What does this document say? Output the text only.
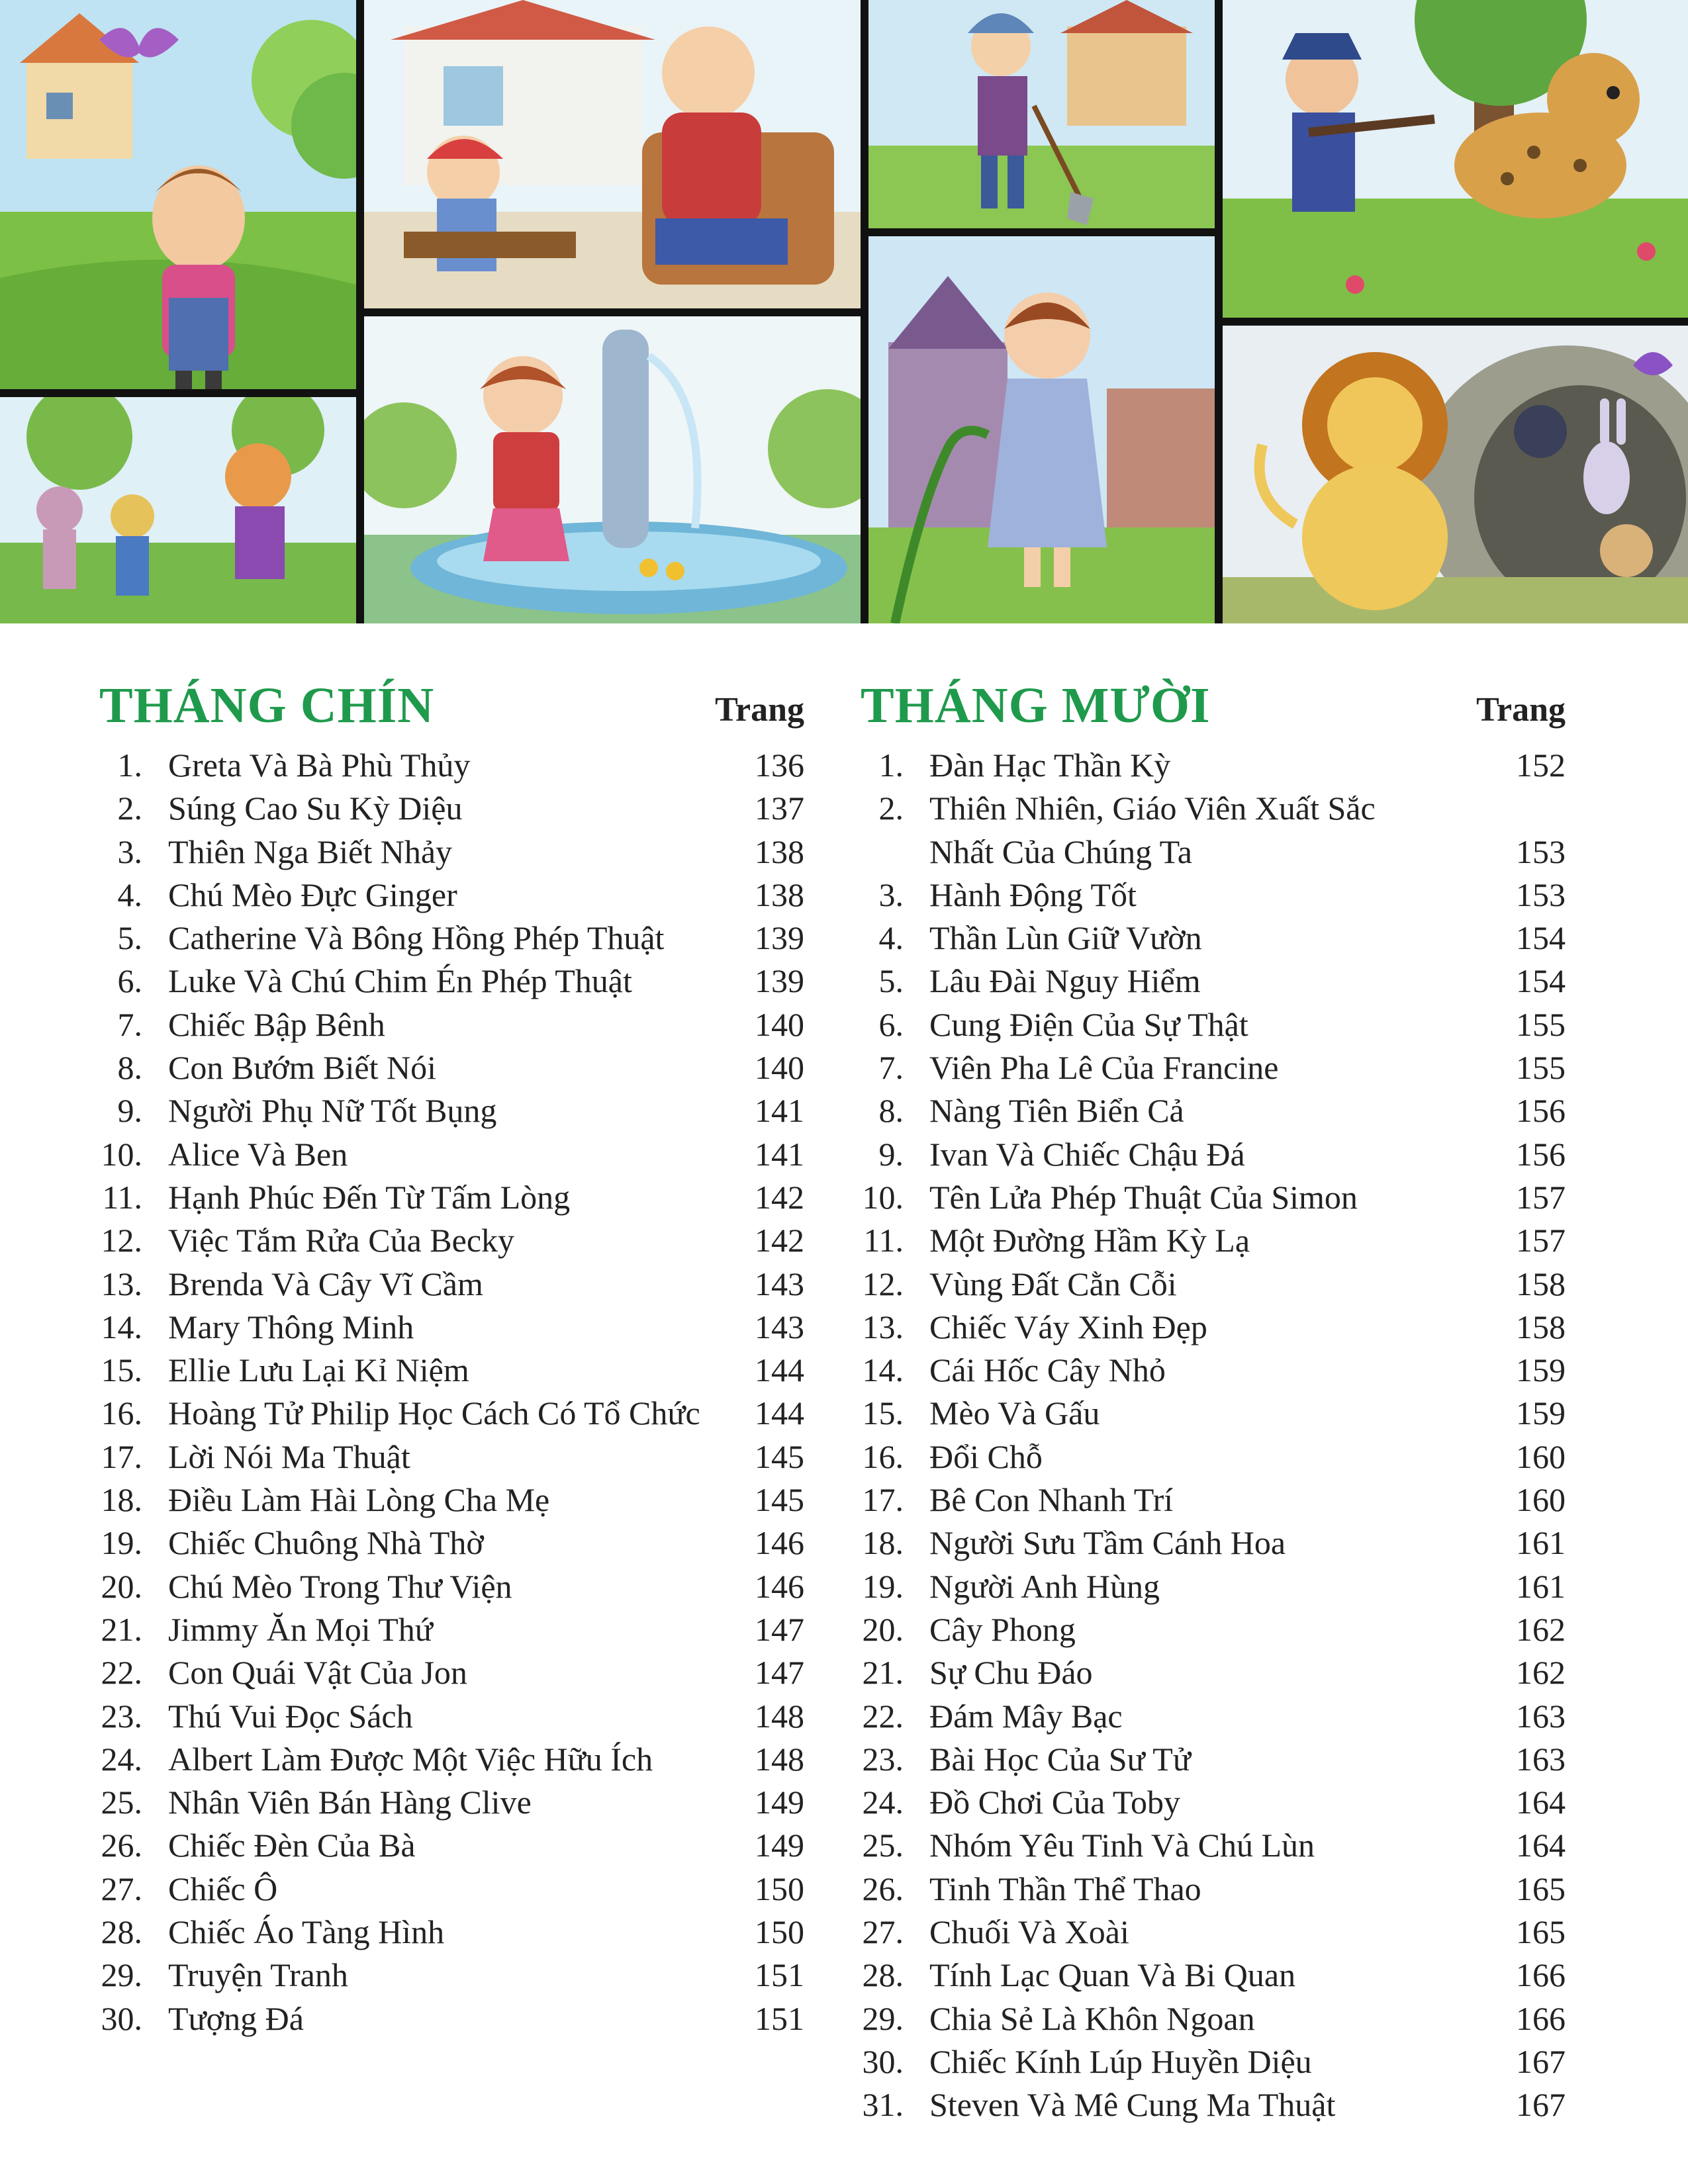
THÁNG CHÍN	Trang
1. Greta Và Bà Phù Thủy	136
2. Súng Cao Su Kỳ Diệu	137
3. Thiên Nga Biết Nhảy	138
4. Chú Mèo Đực Ginger	138
5. Catherine Và Bông Hồng Phép Thuật	139
6. Luke Và Chú Chim Én Phép Thuật	139
7. Chiếc Bập Bênh	140
8. Con Bướm Biết Nói	140
9. Người Phụ Nữ Tốt Bụng	141
10. Alice Và Ben	141
11. Hạnh Phúc Đến Từ Tấm Lòng	142
12. Việc Tắm Rửa Của Becky	142
13. Brenda Và Cây Vĩ Cầm	143
14. Mary Thông Minh	143
15. Ellie Lưu Lại Kỉ Niệm	144
16. Hoàng Tử Philip Học Cách Có Tổ Chức 144
17. Lời Nói Ma Thuật	145
18. Điều Làm Hài Lòng Cha Mẹ	145
19. Chiếc Chuông Nhà Thờ	146
20. Chú Mèo Trong Thư Viện	146
21. Jimmy Ăn Mọi Thứ	147
22. Con Quái Vật Của Jon	147
23. Thú Vui Đọc Sách	148
24. Albert Làm Được Một Việc Hữu Ích	148
25. Nhân Viên Bán Hàng Clive	149
26. Chiếc Đèn Của Bà	149
27. Chiếc Ô	150
28. Chiếc Áo Tàng Hình	150
29. Truyện Tranh	151
30. Tượng Đá	151
THÁNG MƯỜI	Trang
1. Đàn Hạc Thần Kỳ	152
2. Thiên Nhiên, Giáo Viên Xuất Sắc
Nhất Của Chúng Ta	153
3. Hành Động Tốt	153
4. Thần Lùn Giữ Vườn	154
5. Lâu Đài Nguy Hiểm	154
6. Cung Điện Của Sự Thật	155
7. Viên Pha Lê Của Francine	155
8. Nàng Tiên Biển Cả	156
9. Ivan Và Chiếc Chậu Đá	156
10. Tên Lửa Phép Thuật Của Simon	157
11. Một Đường Hầm Kỳ Lạ	157
12. Vùng Đất Cằn Cỗi	158
13. Chiếc Váy Xinh Đẹp	158
14. Cái Hốc Cây Nhỏ	159
15. Mèo Và Gấu	159
16. Đổi Chỗ	160
17. Bê Con Nhanh Trí	160
18. Người Sưu Tầm Cánh Hoa	161
19. Người Anh Hùng	161
20. Cây Phong	162
21. Sự Chu Đáo	162
22. Đám Mây Bạc	163
23. Bài Học Của Sư Tử	163
24. Đồ Chơi Của Toby	164
25. Nhóm Yêu Tinh Và Chú Lùn	164
26. Tinh Thần Thể Thao	165
27. Chuối Và Xoài	165
28. Tính Lạc Quan Và Bi Quan	166
29. Chia Sẻ Là Khôn Ngoan	166
30. Chiếc Kính Lúp Huyền Diệu	167
31. Steven Và Mê Cung Ma Thuật	167
